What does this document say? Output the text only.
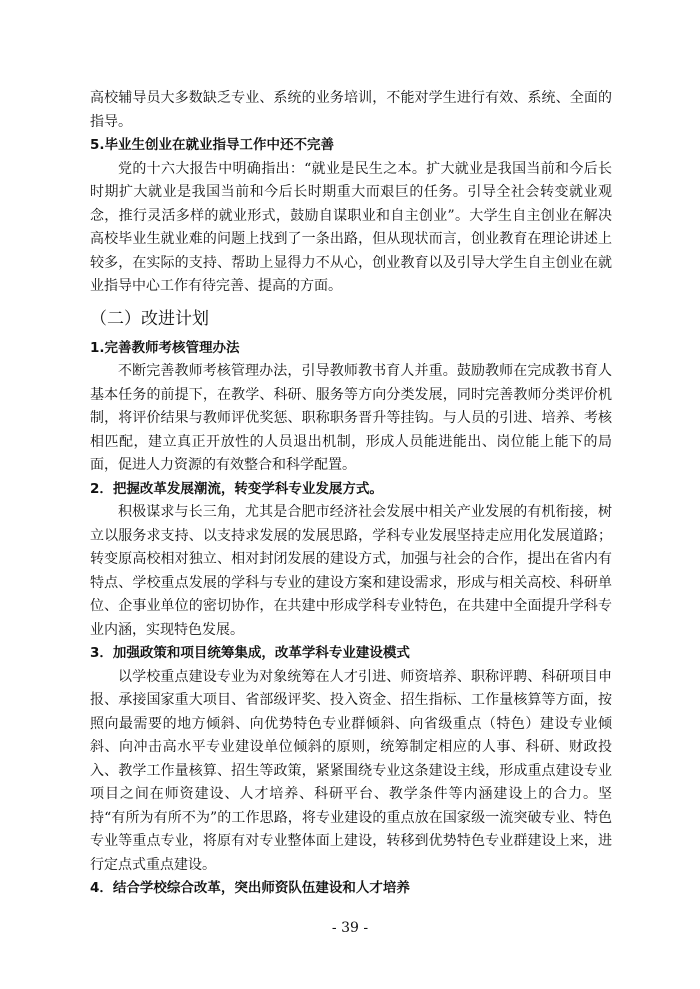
高校辅导员大多数缺乏专业、系统的业务培训，不能对学生进行有效、系统、全面的指导。

5.毕业生创业在就业指导工作中还不完善

党的十六大报告中明确指出：“就业是民生之本。扩大就业是我国当前和今后长时期扩大就业是我国当前和今后长时期重大而艰巨的任务。引导全社会转变就业观念，推行灵活多样的就业形式，鼓励自谋职业和自主创业”。大学生自主创业在解决高校毕业生就业难的问题上找到了一条出路，但从现状而言，创业教育在理论讲述上较多，在实际的支持、帮助上显得力不从心，创业教育以及引导大学生自主创业在就业指导中心工作有待完善、提高的方面。

（二）改进计划

1.完善教师考核管理办法

不断完善教师考核管理办法，引导教师教书育人并重。鼓励教师在完成教书育人基本任务的前提下，在教学、科研、服务等方向分类发展，同时完善教师分类评价机制，将评价结果与教师评优奖惩、职称职务晋升等挂钩。与人员的引进、培养、考核相匹配，建立真正开放性的人员退出机制，形成人员能进能出、岗位能上能下的局面，促进人力资源的有效整合和科学配置。

2．把握改革发展潮流，转变学科专业发展方式。

积极谋求与长三角，尤其是合肥市经济社会发展中相关产业发展的有机衔接，树立以服务求支持、以支持求发展的发展思路，学科专业发展坚持走应用化发展道路；转变原高校相对独立、相对封闭发展的建设方式，加强与社会的合作，提出在省内有特点、学校重点发展的学科与专业的建设方案和建设需求，形成与相关高校、科研单位、企事业单位的密切协作，在共建中形成学科专业特色，在共建中全面提升学科专业内涵，实现特色发展。

3．加强政策和项目统筹集成，改革学科专业建设模式

以学校重点建设专业为对象统筹在人才引进、师资培养、职称评聘、科研项目申报、承接国家重大项目、省部级评奖、投入资金、招生指标、工作量核算等方面，按照向最需要的地方倾斜、向优势特色专业群倾斜、向省级重点（特色）建设专业倾斜、向冲击高水平专业建设单位倾斜的原则，统筹制定相应的人事、科研、财政投入、教学工作量核算、招生等政策，紧紧围绕专业这条建设主线，形成重点建设专业项目之间在师资建设、人才培养、科研平台、教学条件等内涵建设上的合力。坚持“有所为有所不为”的工作思路，将专业建设的重点放在国家级一流突破专业、特色专业等重点专业，将原有对专业整体面上建设，转移到优势特色专业群建设上来，进行定点式重点建设。

4．结合学校综合改革，突出师资队伍建设和人才培养

- 39 -
